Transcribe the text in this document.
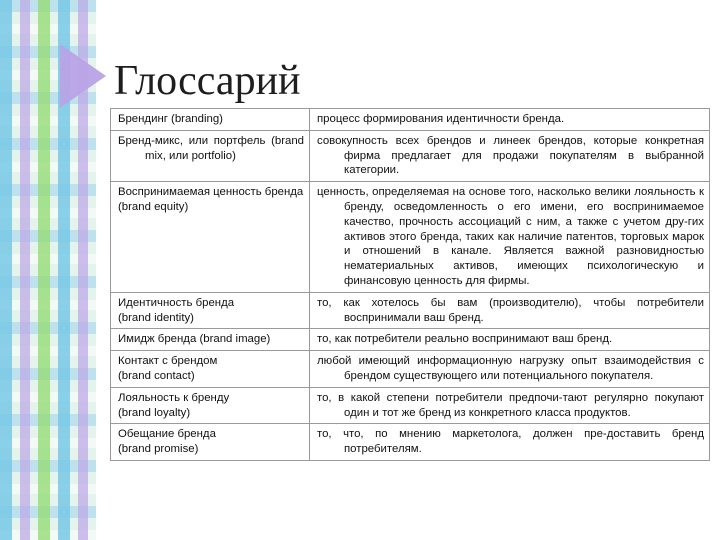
Глоссарий
Брендинг (branding)	процесс формирования идентичности бренда.

Бренд-микс, или портфель (brand mix, или portfolio)	совокупность всех брендов и линеек брендов, которые конкретная фирма предлагает для продажи покупателям в выбранной категории.

Воспринимаемая ценность бренда
(brand equity)	ценность, определяемая на основе того, насколько велики лояльность к бренду, осведомленность о его имени, его воспринимаемое качество, прочность ассоциаций с ним, а также с учетом дру-гих активов этого бренда, таких как наличие патентов, торговых марок и отношений в канале. Является важной разновидностью нематериальных активов, имеющих психологическую и финансовую ценность для фирмы.

Идентичность бренда
(brand identity)	то, как хотелось бы вам (производителю), чтобы потребители воспринимали ваш бренд.

Имидж бренда (brand image)	то, как потребители реально воспринимают ваш бренд.

Контакт с брендом
(brand contact)	любой имеющий информационную нагрузку опыт взаимодействия с брендом существующего или потенциального покупателя.

Лояльность к бренду
(brand loyalty)	то, в какой степени потребители предпочи-тают регулярно покупают один и тот же бренд из конкретного класса продуктов.

Обещание бренда
(brand promise)	то, что, по мнению маркетолога, должен пре-доставить бренд потребителям.
